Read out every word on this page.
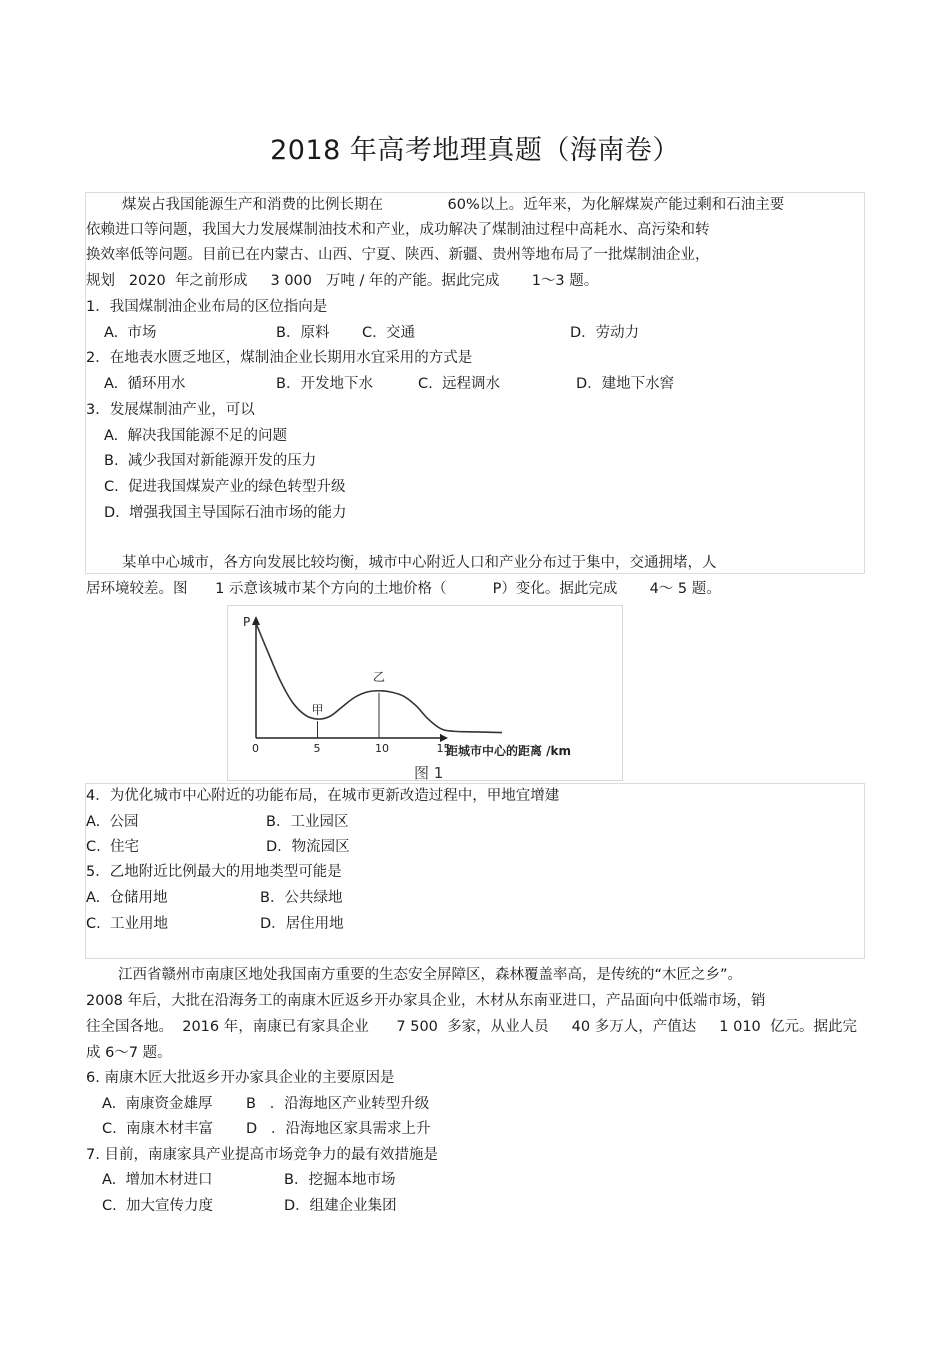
2018 年高考地理真题（海南卷）
煤炭占我国能源生产和消费的比例长期在              60%以上。近年来，为化解煤炭产能过剩和石油主要
依赖进口等问题，我国大力发展煤制油技术和产业，成功解决了煤制油过程中高耗水、高污染和转
换效率低等问题。目前已在内蒙古、山西、宁夏、陕西、新疆、贵州等地布局了一批煤制油企业，
规划   2020  年之前形成     3 000   万吨 / 年的产能。据此完成       1～3 题。
1．我国煤制油企业布局的区位指向是
A.  市场	B．原料 C.  交通	D．劳动力
2．在地表水匮乏地区，煤制油企业长期用水宜采用的方式是
A.  循环用水	B．开发地下水	C.  远程调水	D．建地下水窖
3．发展煤制油产业，可以
A.  解决我国能源不足的问题
B.  减少我国对新能源开发的压力
C.  促进我国煤炭产业的绿色转型升级
D.  增强我国主导国际石油市场的能力
某单中心城市，各方向发展比较均衡，城市中心附近人口和产业分布过于集中，交通拥堵，人
居环境较差。图      1 示意该城市某个方向的土地价格（          P）变化。据此完成       4～ 5 题。
0	5	10	15
甲
乙
P
距城市中心的距离 /km
图 1
4．为优化城市中心附近的功能布局，在城市更新改造过程中，甲地宜增建
A.  公园	B．工业园区
C.  住宅	D．物流园区
5．乙地附近比例最大的用地类型可能是
A.  仓储用地	B．公共绿地
C.  工业用地	D．居住用地
江西省赣州市南康区地处我国南方重要的生态安全屏障区，森林覆盖率高，是传统的“木匠之乡”。
2008 年后，大批在沿海务工的南康木匠返乡开办家具企业，木材从东南亚进口，产品面向中低端市场，销
往全国各地。  2016 年，南康已有家具企业      7 500  多家，从业人员     40 多万人，产值达     1 010  亿元。据此完
成 6～7 题。
6. 南康木匠大批返乡开办家具企业的主要原因是
A.  南康资金雄厚 B   ．沿海地区产业转型升级
C.  南康木材丰富 D   ．沿海地区家具需求上升
7. 目前，南康家具产业提高市场竞争力的最有效措施是
A.  增加木材进口	B．挖掘本地市场
C.  加大宣传力度	D．组建企业集团
